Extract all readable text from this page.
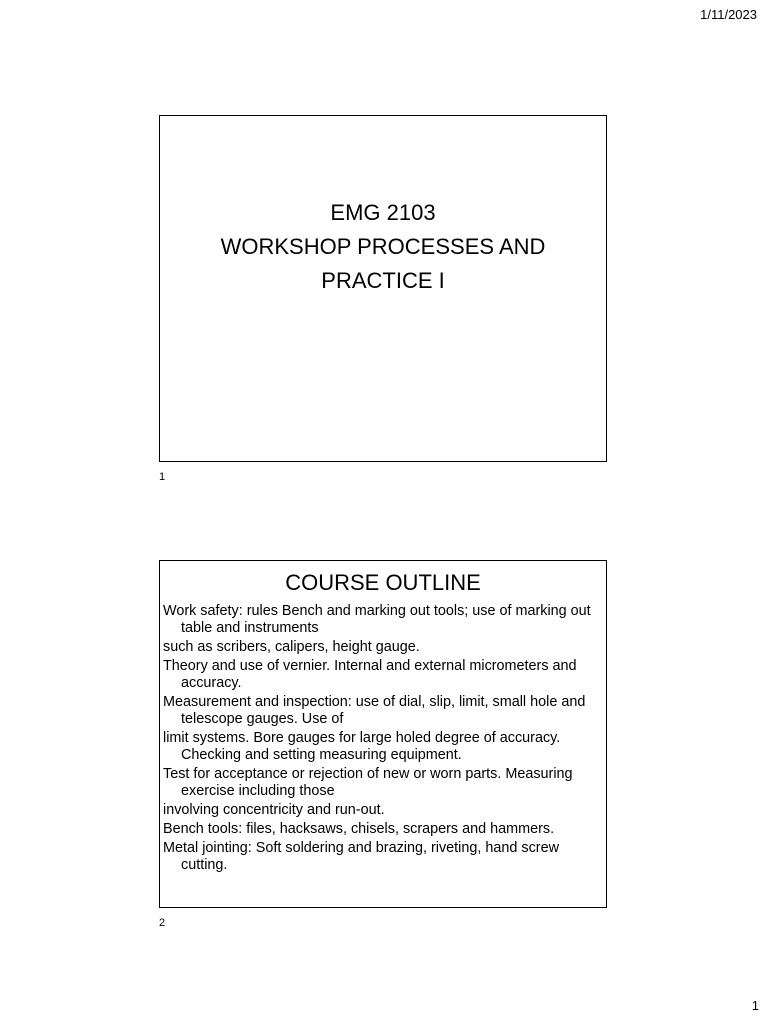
1/11/2023
EMG 2103
WORKSHOP PROCESSES AND
PRACTICE I
1
COURSE OUTLINE
Work safety: rules Bench and marking out tools; use of marking out table and instruments
such as scribers, calipers, height gauge.
Theory and use of vernier. Internal and external micrometers and accuracy.
Measurement and inspection: use of dial, slip, limit, small hole and telescope gauges. Use of
limit systems. Bore gauges for large holed degree of accuracy. Checking and setting measuring equipment.
Test for acceptance or rejection of new or worn parts. Measuring exercise including those
involving concentricity and run-out.
Bench tools: files, hacksaws, chisels, scrapers and hammers.
Metal jointing: Soft soldering and brazing, riveting, hand screw cutting.
2
1
